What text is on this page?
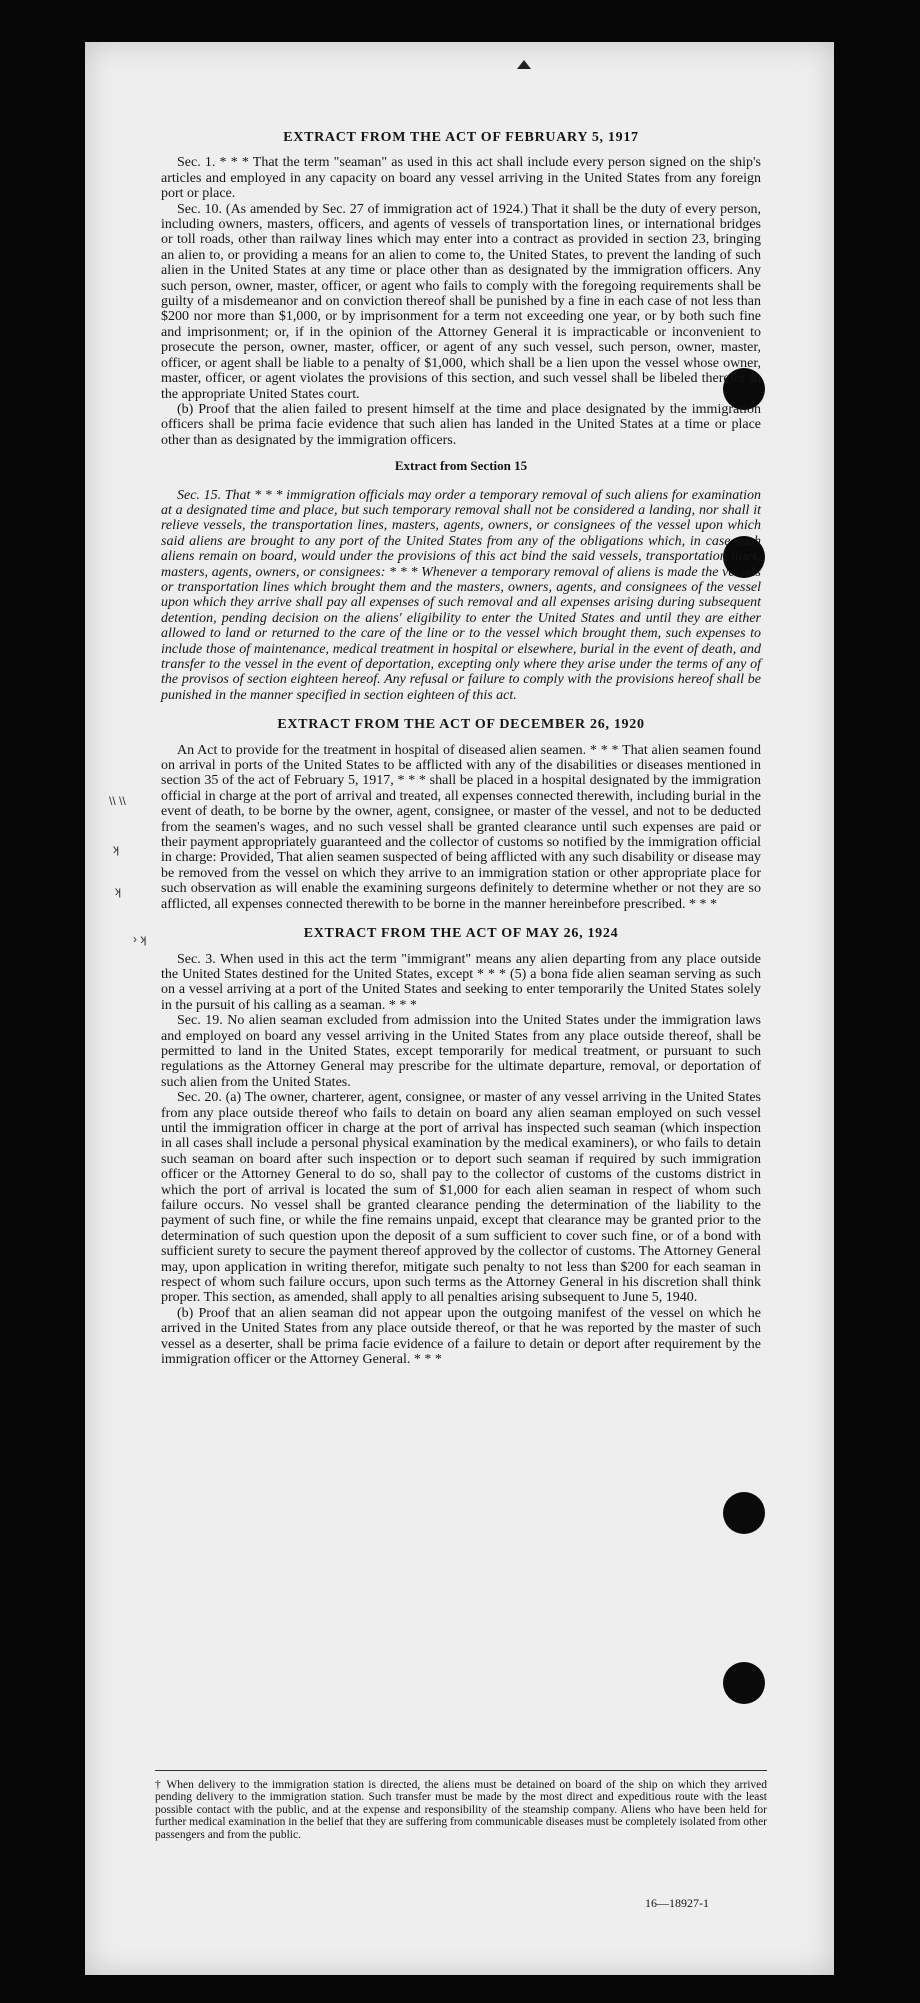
\\ \\
ʞ
ʞ
› ʞ
EXTRACT FROM THE ACT OF FEBRUARY 5, 1917

Sec. 1. * * * That the term "seaman" as used in this act shall include every person signed on the ship's articles and employed in any capacity on board any vessel arriving in the United States from any foreign port or place.

Sec. 10. (As amended by Sec. 27 of immigration act of 1924.) That it shall be the duty of every person, including owners, masters, officers, and agents of vessels of transportation lines, or international bridges or toll roads, other than railway lines which may enter into a contract as provided in section 23, bringing an alien to, or providing a means for an alien to come to, the United States, to prevent the landing of such alien in the United States at any time or place other than as designated by the immigration officers. Any such person, owner, master, officer, or agent who fails to comply with the foregoing requirements shall be guilty of a misdemeanor and on conviction thereof shall be punished by a fine in each case of not less than $200 nor more than $1,000, or by imprisonment for a term not exceeding one year, or by both such fine and imprisonment; or, if in the opinion of the Attorney General it is impracticable or inconvenient to prosecute the person, owner, master, officer, or agent of any such vessel, such person, owner, master, officer, or agent shall be liable to a penalty of $1,000, which shall be a lien upon the vessel whose owner, master, officer, or agent violates the provisions of this section, and such vessel shall be libeled therefor in the appropriate United States court.

(b) Proof that the alien failed to present himself at the time and place designated by the immigration officers shall be prima facie evidence that such alien has landed in the United States at a time or place other than as designated by the immigration officers.

Extract from Section 15

Sec. 15. That * * * immigration officials may order a temporary removal of such aliens for examination at a designated time and place, but such temporary removal shall not be considered a landing, nor shall it relieve vessels, the transportation lines, masters, agents, owners, or consignees of the vessel upon which said aliens are brought to any port of the United States from any of the obligations which, in case such aliens remain on board, would under the provisions of this act bind the said vessels, transportation lines, masters, agents, owners, or consignees: * * * Whenever a temporary removal of aliens is made the vessels or transportation lines which brought them and the masters, owners, agents, and consignees of the vessel upon which they arrive shall pay all expenses of such removal and all expenses arising during subsequent detention, pending decision on the aliens' eligibility to enter the United States and until they are either allowed to land or returned to the care of the line or to the vessel which brought them, such expenses to include those of maintenance, medical treatment in hospital or elsewhere, burial in the event of death, and transfer to the vessel in the event of deportation, excepting only where they arise under the terms of any of the provisos of section eighteen hereof. Any refusal or failure to comply with the provisions hereof shall be punished in the manner specified in section eighteen of this act.

EXTRACT FROM THE ACT OF DECEMBER 26, 1920

An Act to provide for the treatment in hospital of diseased alien seamen. * * * That alien seamen found on arrival in ports of the United States to be afflicted with any of the disabilities or diseases mentioned in section 35 of the act of February 5, 1917, * * * shall be placed in a hospital designated by the immigration official in charge at the port of arrival and treated, all expenses connected therewith, including burial in the event of death, to be borne by the owner, agent, consignee, or master of the vessel, and not to be deducted from the seamen's wages, and no such vessel shall be granted clearance until such expenses are paid or their payment appropriately guaranteed and the collector of customs so notified by the immigration official in charge: Provided, That alien seamen suspected of being afflicted with any such disability or disease may be removed from the vessel on which they arrive to an immigration station or other appropriate place for such observation as will enable the examining surgeons definitely to determine whether or not they are so afflicted, all expenses connected therewith to be borne in the manner hereinbefore prescribed. * * *

EXTRACT FROM THE ACT OF MAY 26, 1924

Sec. 3. When used in this act the term "immigrant" means any alien departing from any place outside the United States destined for the United States, except * * * (5) a bona fide alien seaman serving as such on a vessel arriving at a port of the United States and seeking to enter temporarily the United States solely in the pursuit of his calling as a seaman. * * *

Sec. 19. No alien seaman excluded from admission into the United States under the immigration laws and employed on board any vessel arriving in the United States from any place outside thereof, shall be permitted to land in the United States, except temporarily for medical treatment, or pursuant to such regulations as the Attorney General may prescribe for the ultimate departure, removal, or deportation of such alien from the United States.

Sec. 20. (a) The owner, charterer, agent, consignee, or master of any vessel arriving in the United States from any place outside thereof who fails to detain on board any alien seaman employed on such vessel until the immigration officer in charge at the port of arrival has inspected such seaman (which inspection in all cases shall include a personal physical examination by the medical examiners), or who fails to detain such seaman on board after such inspection or to deport such seaman if required by such immigration officer or the Attorney General to do so, shall pay to the collector of customs of the customs district in which the port of arrival is located the sum of $1,000 for each alien seaman in respect of whom such failure occurs. No vessel shall be granted clearance pending the determination of the liability to the payment of such fine, or while the fine remains unpaid, except that clearance may be granted prior to the determination of such question upon the deposit of a sum sufficient to cover such fine, or of a bond with sufficient surety to secure the payment thereof approved by the collector of customs. The Attorney General may, upon application in writing therefor, mitigate such penalty to not less than $200 for each seaman in respect of whom such failure occurs, upon such terms as the Attorney General in his discretion shall think proper. This section, as amended, shall apply to all penalties arising subsequent to June 5, 1940.

(b) Proof that an alien seaman did not appear upon the outgoing manifest of the vessel on which he arrived in the United States from any place outside thereof, or that he was reported by the master of such vessel as a deserter, shall be prima facie evidence of a failure to detain or deport after requirement by the immigration officer or the Attorney General. * * *

† When delivery to the immigration station is directed, the aliens must be detained on board of the ship on which they arrived pending delivery to the immigration station. Such transfer must be made by the most direct and expeditious route with the least possible contact with the public, and at the expense and responsibility of the steamship company. Aliens who have been held for further medical examination in the belief that they are suffering from communicable diseases must be completely isolated from other passengers and from the public.
16—18927-1
